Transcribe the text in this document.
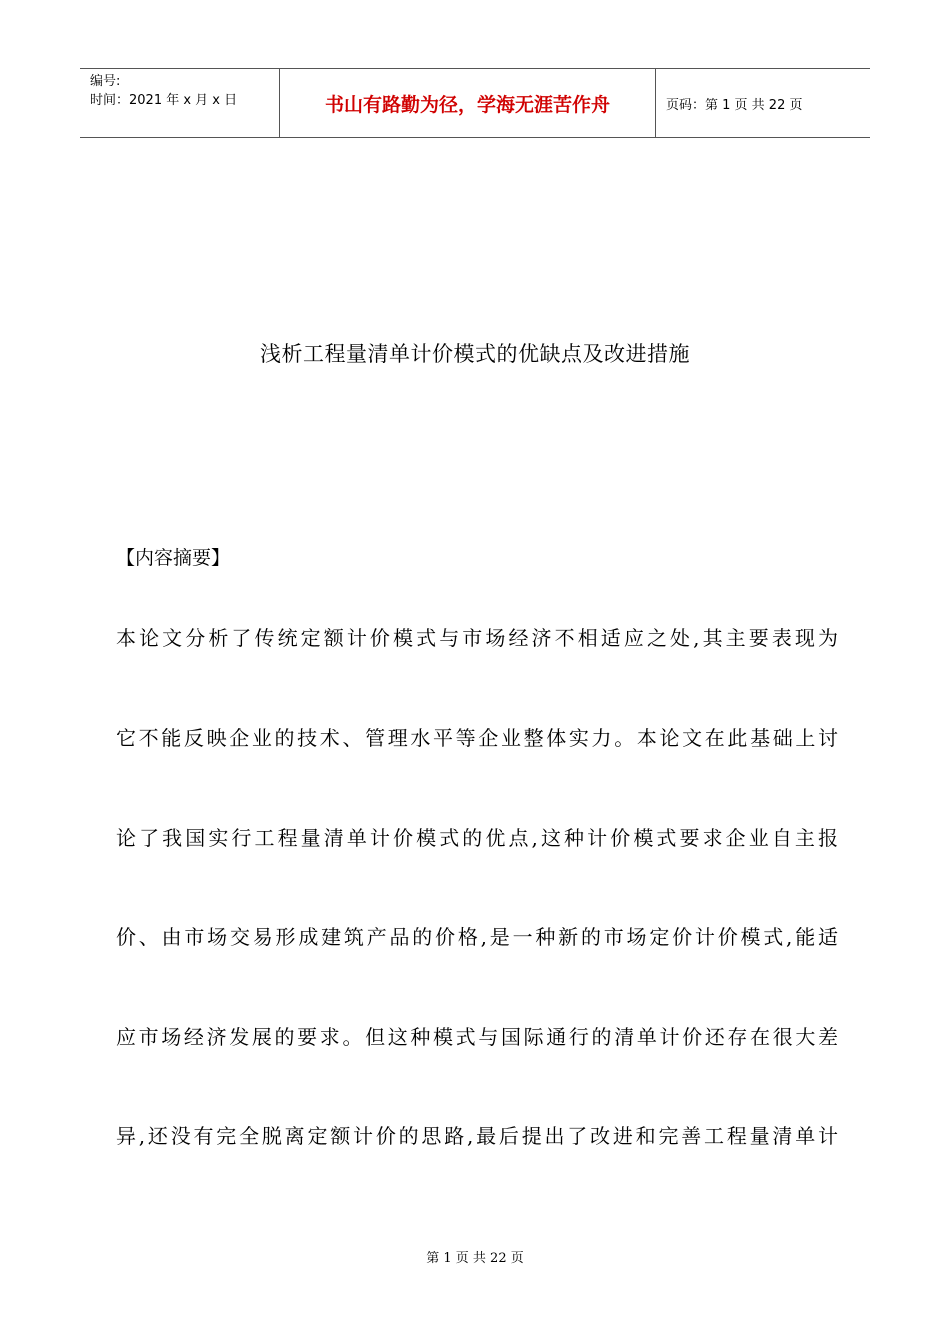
编号:
时间：2021 年 x 月 x 日	书山有路勤为径，学海无涯苦作舟	页码：第 1 页 共 22 页
浅析工程量清单计价模式的优缺点及改进措施
【内容摘要】
本论文分析了传统定额计价模式与市场经济不相适应之处,其主要表现为
它不能反映企业的技术、管理水平等企业整体实力。本论文在此基础上讨
论了我国实行工程量清单计价模式的优点,这种计价模式要求企业自主报
价、由市场交易形成建筑产品的价格,是一种新的市场定价计价模式,能适
应市场经济发展的要求。但这种模式与国际通行的清单计价还存在很大差
异,还没有完全脱离定额计价的思路,最后提出了改进和完善工程量清单计
第 1 页 共 22 页
